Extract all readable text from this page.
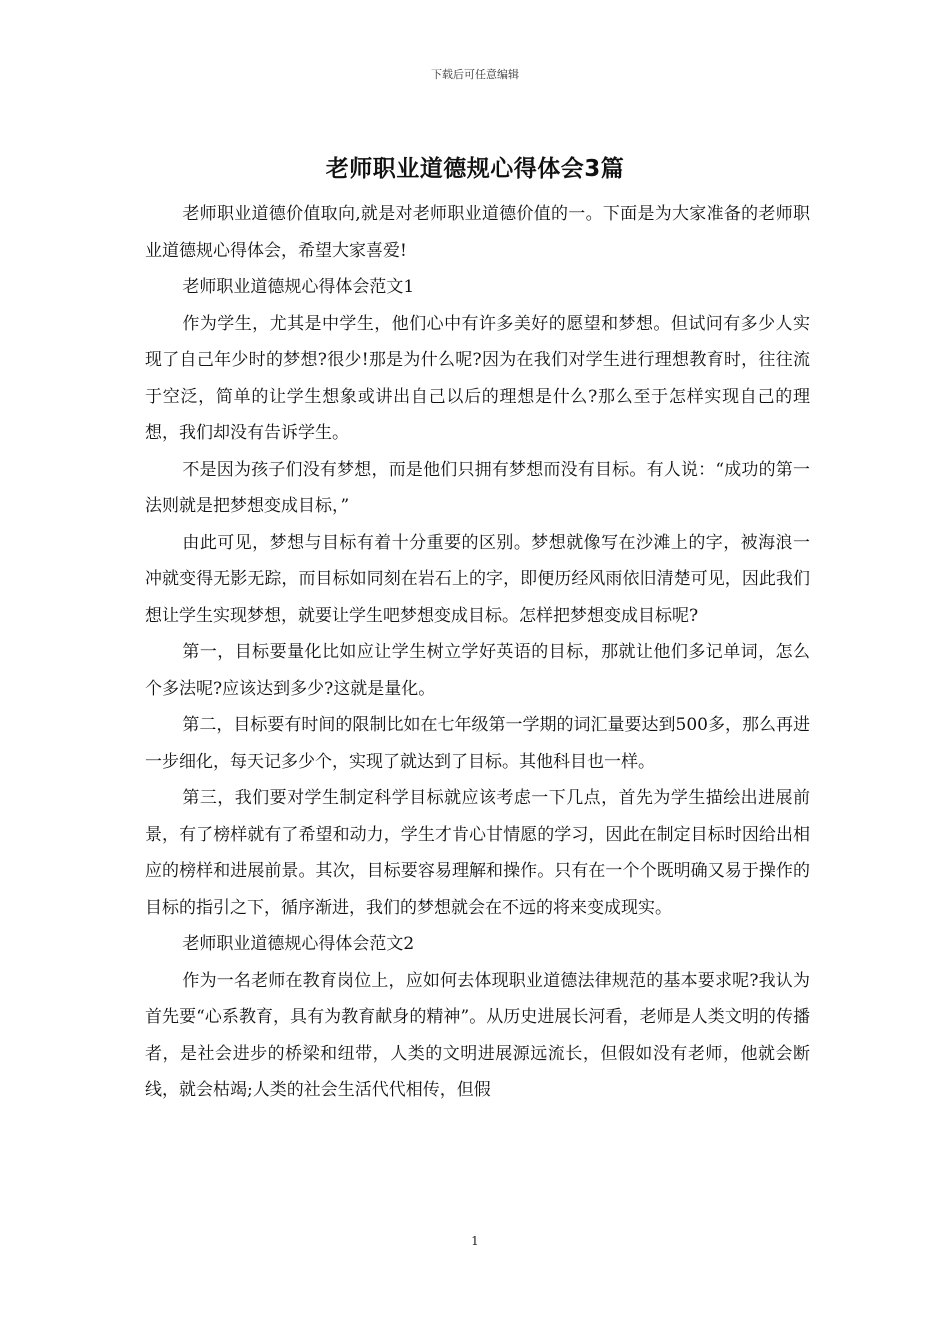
下载后可任意编辑
老师职业道德规心得体会3篇

老师职业道德价值取向,就是对老师职业道德价值的一。下面是为大家准备的老师职业道德规心得体会，希望大家喜爱!

老师职业道德规心得体会范文1

作为学生，尤其是中学生，他们心中有许多美好的愿望和梦想。但试问有多少人实现了自己年少时的梦想?很少!那是为什么呢?因为在我们对学生进行理想教育时，往往流于空泛，简单的让学生想象或讲出自己以后的理想是什么?那么至于怎样实现自己的理想，我们却没有告诉学生。

不是因为孩子们没有梦想，而是他们只拥有梦想而没有目标。有人说：“成功的第一法则就是把梦想变成目标，”

由此可见，梦想与目标有着十分重要的区别。梦想就像写在沙滩上的字，被海浪一冲就变得无影无踪，而目标如同刻在岩石上的字，即便历经风雨依旧清楚可见，因此我们想让学生实现梦想，就要让学生吧梦想变成目标。怎样把梦想变成目标呢?

第一，目标要量化比如应让学生树立学好英语的目标，那就让他们多记单词，怎么个多法呢?应该达到多少?这就是量化。

第二，目标要有时间的限制比如在七年级第一学期的词汇量要达到500多，那么再进一步细化，每天记多少个，实现了就达到了目标。其他科目也一样。

第三，我们要对学生制定科学目标就应该考虑一下几点，首先为学生描绘出进展前景，有了榜样就有了希望和动力，学生才肯心甘情愿的学习，因此在制定目标时因给出相应的榜样和进展前景。其次，目标要容易理解和操作。只有在一个个既明确又易于操作的目标的指引之下，循序渐进，我们的梦想就会在不远的将来变成现实。

老师职业道德规心得体会范文2

作为一名老师在教育岗位上，应如何去体现职业道德法律规范的基本要求呢?我认为首先要“心系教育，具有为教育献身的精神”。从历史进展长河看，老师是人类文明的传播者，是社会进步的桥梁和纽带，人类的文明进展源远流长，但假如没有老师，他就会断线，就会枯竭;人类的社会生活代代相传，但假

1
